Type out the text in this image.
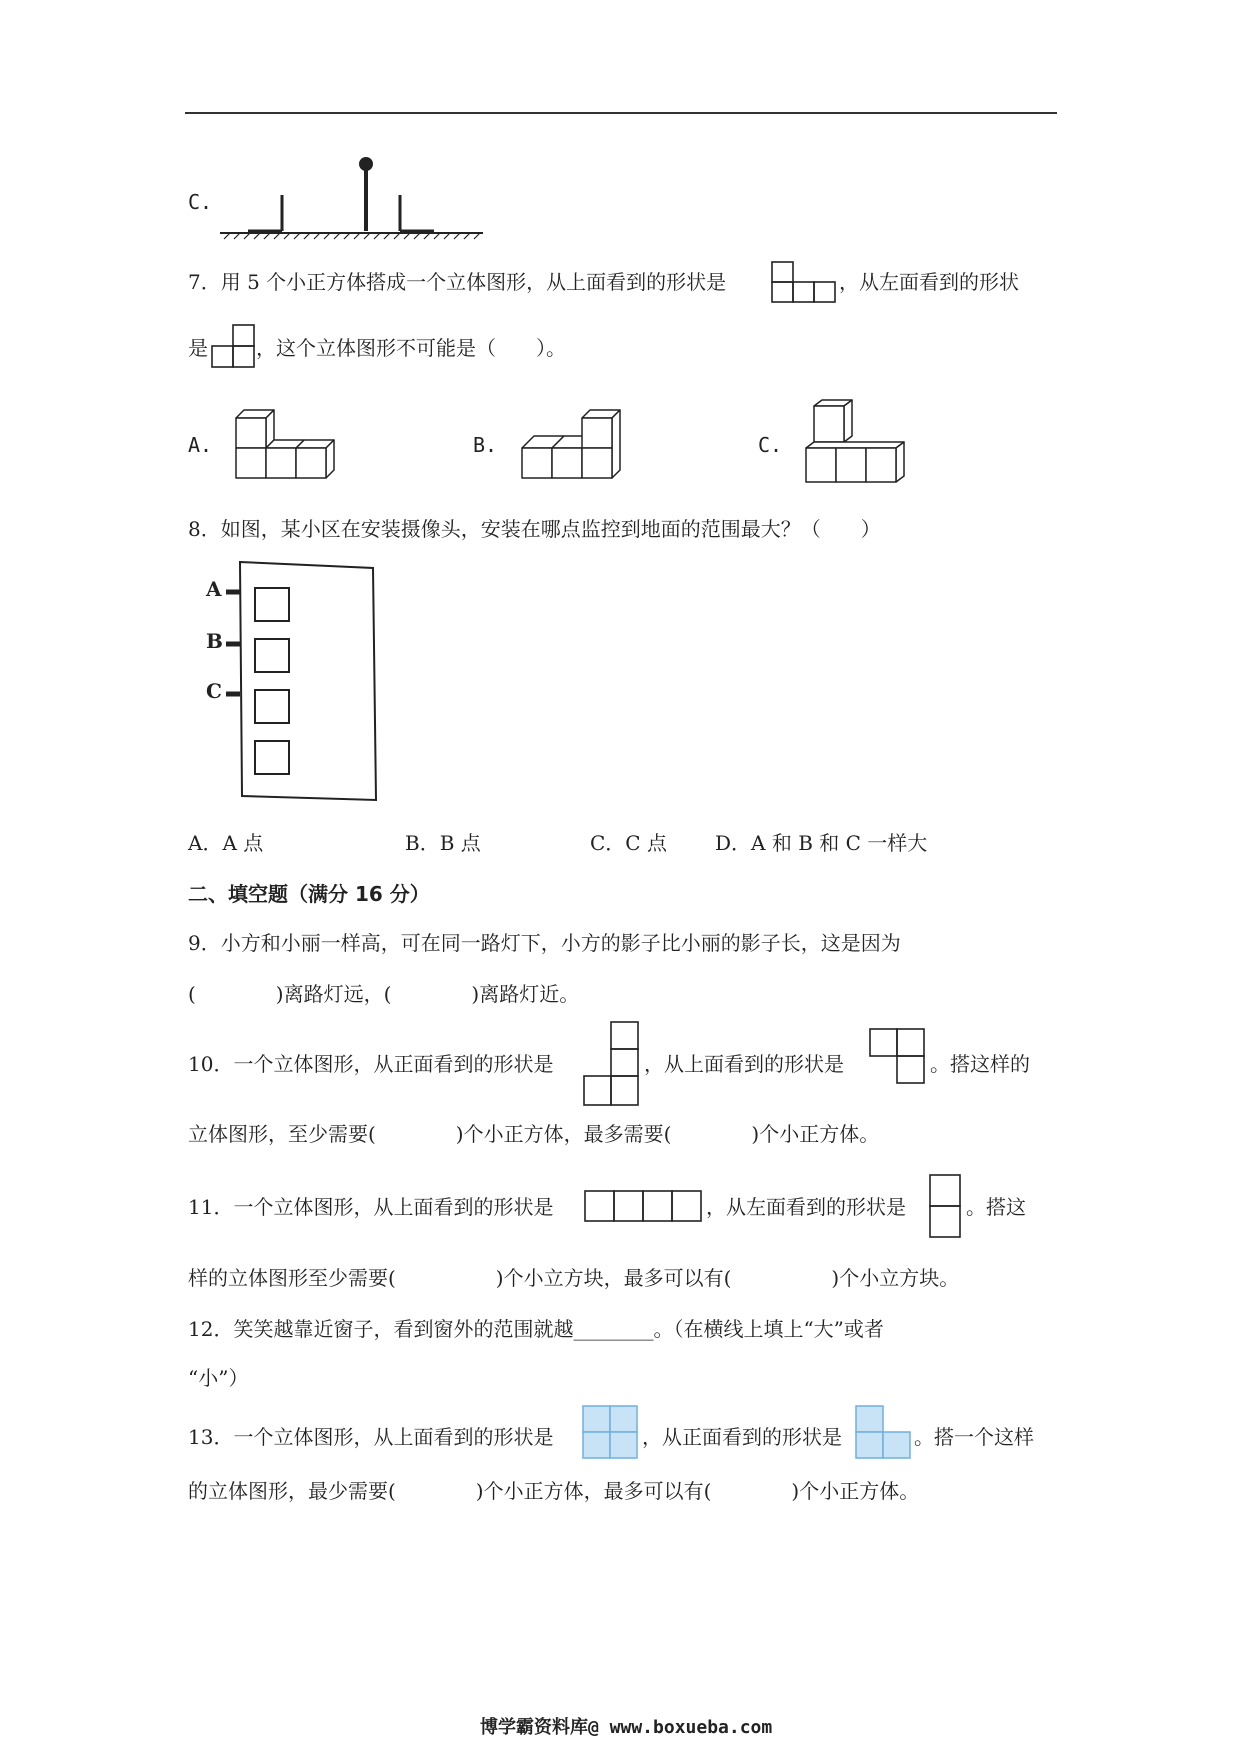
C.
7．用 5 个小正方体搭成一个立体图形，从上面看到的形状是	，从左面看到的形状
是 ，这个立体图形不可能是（　　）。
A.	B.	C.
8．如图，某小区在安装摄像头，安装在哪点监控到地面的范围最大？（　　）
A
B
C
A．A 点	B．B 点	C．C 点 D．A 和 B 和 C 一样大
二、填空题（满分 16 分）
9．小方和小丽一样高，可在同一路灯下，小方的影子比小丽的影子长，这是因为
(　　　　)离路灯远，(　　　　)离路灯近。
10．一个立体图形，从正面看到的形状是	，从上面看到的形状是	。搭这样的
立体图形，至少需要(　　　　)个小正方体，最多需要(　　　　)个小正方体。
11．一个立体图形，从上面看到的形状是	，从左面看到的形状是	。搭这
样的立体图形至少需要(　　　　　)个小立方块，最多可以有(　　　　　)个小立方块。
12．笑笑越靠近窗子，看到窗外的范围就越________。（在横线上填上“大”或者
“小”）
13．一个立体图形，从上面看到的形状是	，从正面看到的形状是	。搭一个这样
的立体图形，最少需要(　　　　)个小正方体，最多可以有(　　　　)个小正方体。
博学霸资料库@ www.boxueba.com
